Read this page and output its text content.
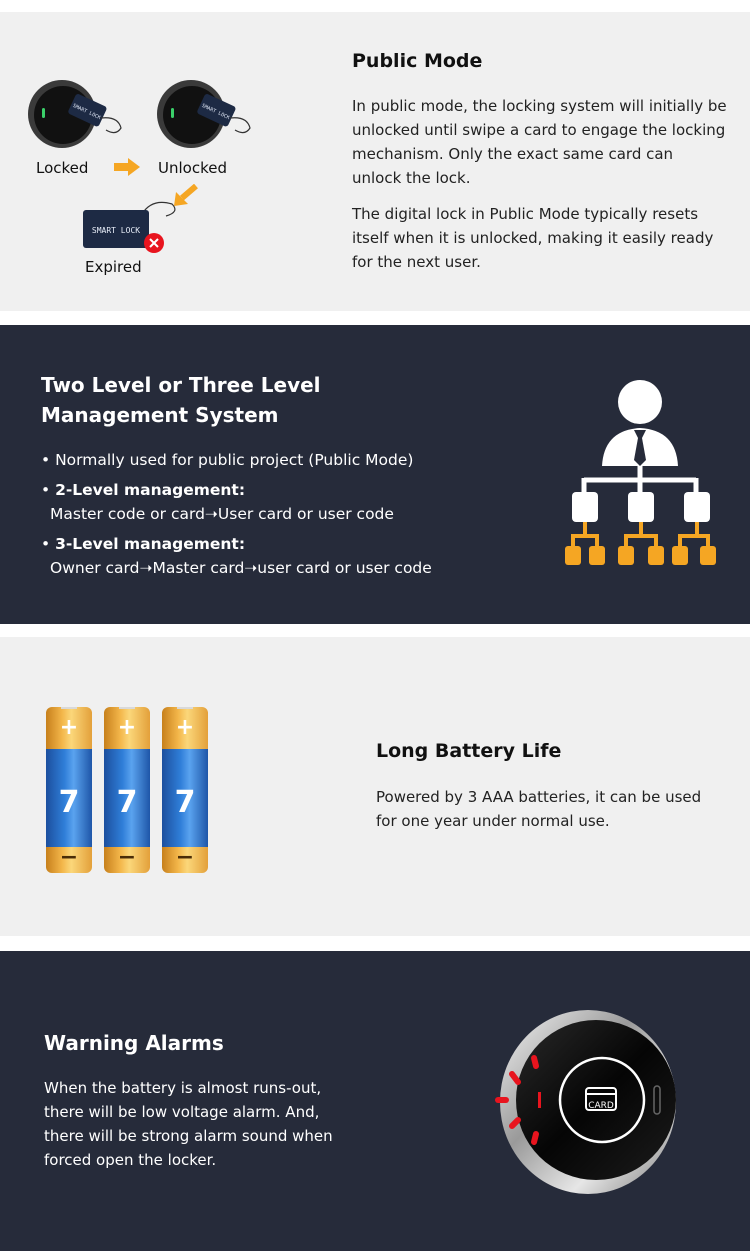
SMART LOCK
Locked
SMART LOCK
Unlocked
SMART LOCK
Expired
Public Mode
In public mode, the locking system will initially be unlocked until swipe a card to engage the locking mechanism. Only the exact same card can unlock the lock.
The digital lock in Public Mode typically resets itself when it is unlocked, making it easily ready for the next user.
Two Level or Three Level
Management System
• Normally used for public project (Public Mode)
• 2-Level management:
Master code or card➝User card or user code
• 3-Level management:
Owner card➝Master card➝user card or user code
+
7
−
+
7
−
+
7
−
Long Battery Life
Powered by 3 AAA batteries, it can be used for one year under normal use.
Warning Alarms
When the battery is almost runs-out, there will be low voltage alarm. And, there will be strong alarm sound when forced open the locker.
CARD
